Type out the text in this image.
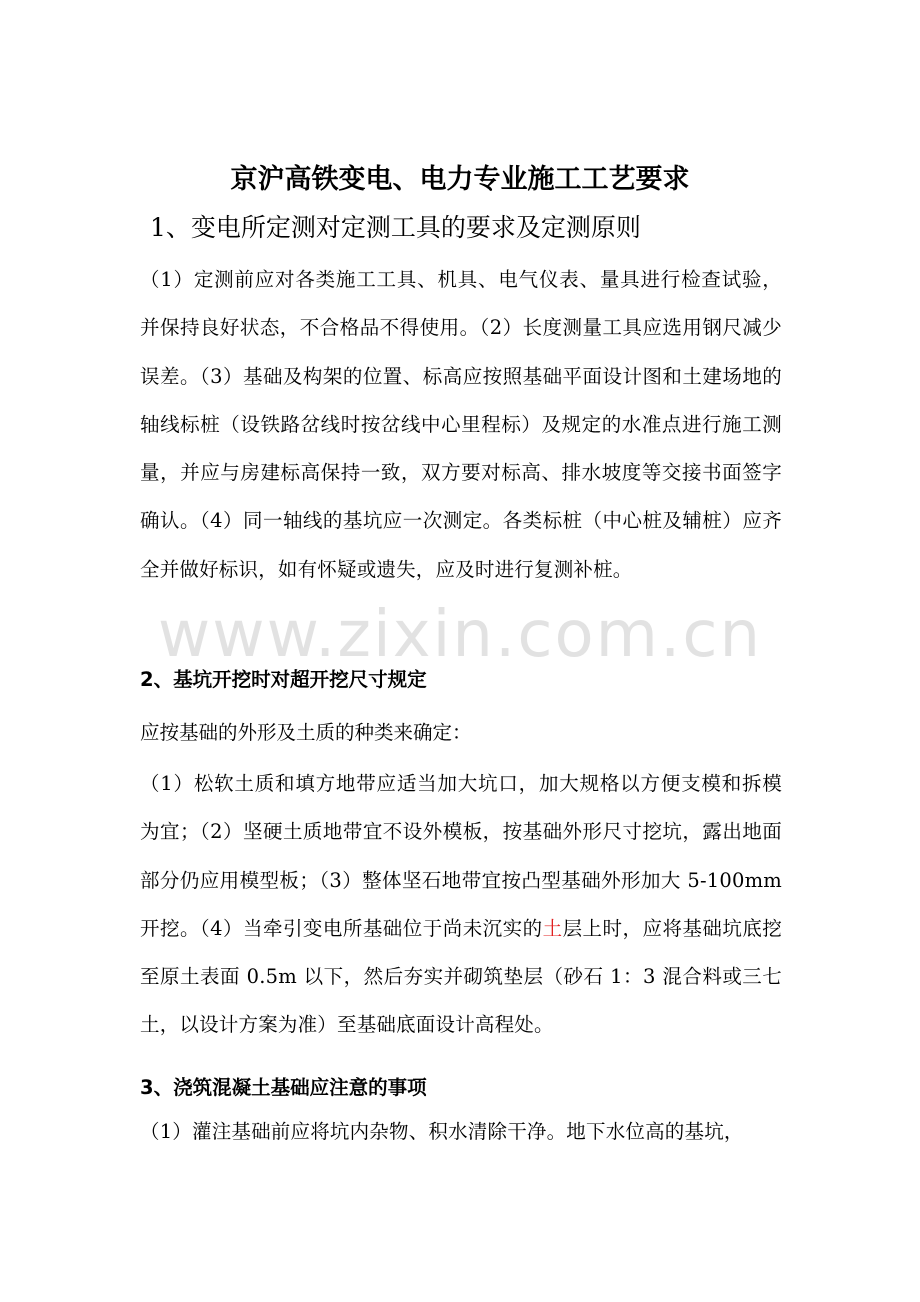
京沪高铁变电、电力专业施工工艺要求
1、变电所定测对定测工具的要求及定测原则

（1）定测前应对各类施工工具、机具、电气仪表、量具进行检查试验，并保持良好状态，不合格品不得使用。（2）长度测量工具应选用钢尺减少误差。（3）基础及构架的位置、标高应按照基础平面设计图和土建场地的轴线标桩（设铁路岔线时按岔线中心里程标）及规定的水准点进行施工测量，并应与房建标高保持一致，双方要对标高、排水坡度等交接书面签字确认。（4）同一轴线的基坑应一次测定。各类标桩（中心桩及辅桩）应齐全并做好标识，如有怀疑或遗失，应及时进行复测补桩。

www.zixin.com.cn
2、基坑开挖时对超开挖尺寸规定

应按基础的外形及土质的种类来确定：

（1）松软土质和填方地带应适当加大坑口，加大规格以方便支模和拆模为宜；（2）坚硬土质地带宜不设外模板，按基础外形尺寸挖坑，露出地面部分仍应用模型板；（3）整体坚石地带宜按凸型基础外形加大 5-100mm 开挖。（4）当牵引变电所基础位于尚未沉实的土层上时，应将基础坑底挖至原土表面 0.5m 以下，然后夯实并砌筑垫层（砂石 1：3 混合料或三七土，以设计方案为准）至基础底面设计高程处。

3、浇筑混凝土基础应注意的事项

（1）灌注基础前应将坑内杂物、积水清除干净。地下水位高的基坑，
